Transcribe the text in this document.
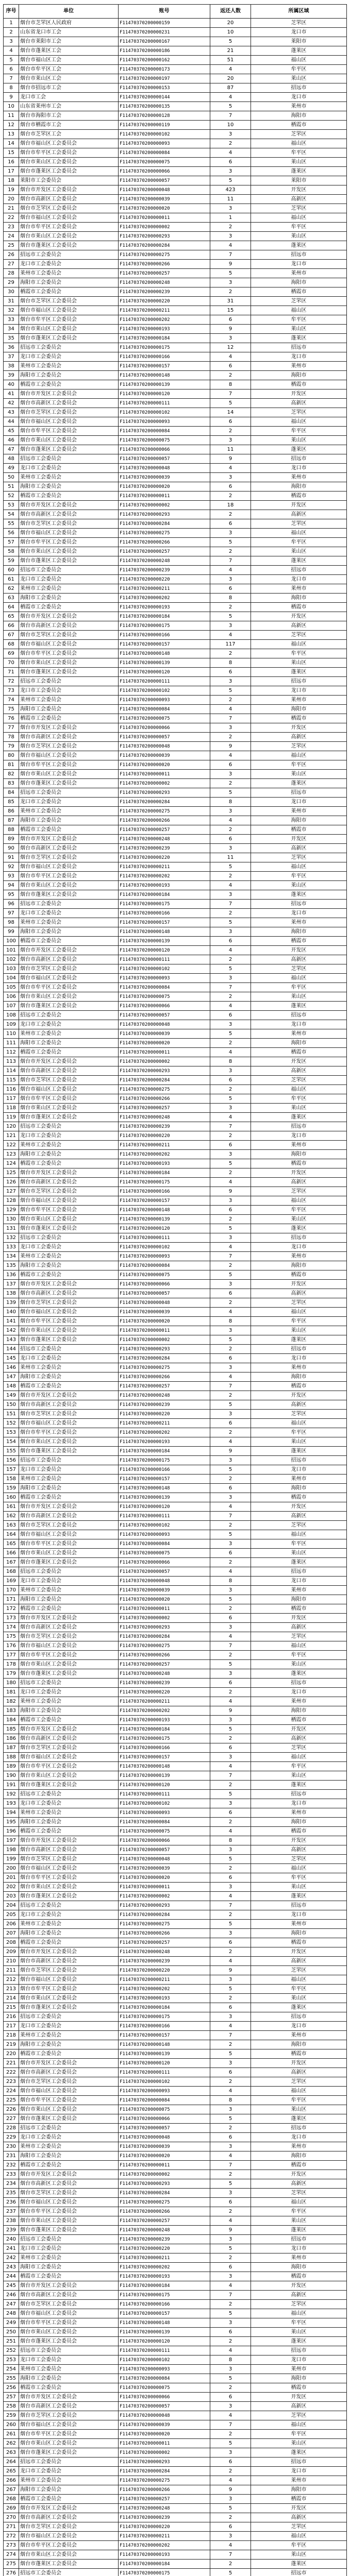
序号	单位	账号	返还人数	所属区域
1	烟台市芝罘区人民政府	F11470370200000159	20	芝罘区
2	山东省龙口市工会	F11470370200000231	10	龙口市
3	烟台市莱阳市工会	F11470370200000167	5	莱阳市
4	烟台市蓬莱区工会	F11470370200000186	21	蓬莱区
5	烟台市福山区工会	F11470370200000162	51	福山区
6	烟台市牟平区工会	F11470370200000173	4	牟平区
7	烟台市莱山区工会	F11470370200000197	20	莱山区
8	烟台市招远市工会	F11470370200000153	87	招远市
9	龙口市工会	F11470370200000144	4	龙口市
10	山东省莱州市工会	F11470370200000135	5	莱州市
11	烟台市海阳市工会	F11470370200000128	7	海阳市
12	烟台市栖霞市工会	F11470370200000119	10	栖霞市
13	烟台市芝罘区工会	F11470370200000102	3	芝罘区
14	烟台市福山区工会委员会	F11470370200000093	2	福山区
15	烟台市牟平区工会委员会	F11470370200000084	4	牟平区
16	烟台市莱山区工会委员会	F11470370200000075	6	莱山区
17	烟台市蓬莱区工会委员会	F11470370200000066	3	蓬莱区
18	莱阳市工会委员会	F11470370200000057	5	莱阳市
19	烟台市开发区工会委员会	F11470370200000048	423	开发区
20	烟台市高新区工会委员会	F11470370200000039	11	高新区
21	烟台市芝罘区工会委员会	F11470370200000020	3	芝罘区
22	烟台市福山区工会委员会	F11470370200000011	1	福山区
23	烟台市牟平区工会委员会	F11470370200000002	2	牟平区
24	烟台市莱山区工会委员会	F11470370200000293	3	莱山区
25	烟台市蓬莱区工会委员会	F11470370200000284	4	蓬莱区
26	招远市工会委员会	F11470370200000275	7	招远市
27	龙口市工会委员会	F11470370200000266	9	龙口市
28	莱州市工会委员会	F11470370200000257	5	莱州市
29	海阳市工会委员会	F11470370200000248	3	海阳市
30	栖霞市工会委员会	F11470370200000239	2	栖霞市
31	烟台市芝罘区工会委员会	F11470370200000220	31	芝罘区
32	烟台市福山区工会委员会	F11470370200000211	15	福山区
33	烟台市牟平区工会委员会	F11470370200000202	6	牟平区
34	烟台市莱山区工会委员会	F11470370200000193	9	莱山区
35	烟台市蓬莱区工会委员会	F11470370200000184	3	蓬莱区
36	招远市工会委员会	F11470370200000175	12	招远市
37	龙口市工会委员会	F11470370200000166	4	龙口市
38	莱州市工会委员会	F11470370200000157	6	莱州市
39	海阳市工会委员会	F11470370200000148	2	海阳市
40	栖霞市工会委员会	F11470370200000139	8	栖霞市
41	烟台市开发区工会委员会	F11470370200000120	7	开发区
42	烟台市高新区工会委员会	F11470370200000111	5	高新区
43	烟台市芝罘区工会委员会	F11470370200000102	14	芝罘区
44	烟台市福山区工会委员会	F11470370200000093	6	福山区
45	烟台市牟平区工会委员会	F11470370200000084	2	牟平区
46	烟台市莱山区工会委员会	F11470370200000075	3	莱山区
47	烟台市蓬莱区工会委员会	F11470370200000066	11	蓬莱区
48	招远市工会委员会	F11470370200000057	9	招远市
49	龙口市工会委员会	F11470370200000048	4	龙口市
50	莱州市工会委员会	F11470370200000039	3	莱州市
51	海阳市工会委员会	F11470370200000020	6	海阳市
52	栖霞市工会委员会	F11470370200000011	2	栖霞市
53	烟台市开发区工会委员会	F11470370200000002	18	开发区
54	烟台市高新区工会委员会	F11470370200000293	2	高新区
55	烟台市芝罘区工会委员会	F11470370200000284	6	芝罘区
56	烟台市福山区工会委员会	F11470370200000275	3	福山区
57	烟台市牟平区工会委员会	F11470370200000266	5	牟平区
58	烟台市莱山区工会委员会	F11470370200000257	2	莱山区
59	烟台市蓬莱区工会委员会	F11470370200000248	7	蓬莱区
60	招远市工会委员会	F11470370200000239	4	招远市
61	龙口市工会委员会	F11470370200000220	3	龙口市
62	莱州市工会委员会	F11470370200000211	6	莱州市
63	海阳市工会委员会	F11470370200000202	8	海阳市
64	栖霞市工会委员会	F11470370200000193	2	栖霞市
65	烟台市开发区工会委员会	F11470370200000184	5	开发区
66	烟台市高新区工会委员会	F11470370200000175	3	高新区
67	烟台市芝罘区工会委员会	F11470370200000166	4	芝罘区
68	烟台市福山区工会委员会	F11470370200000157	117	福山区
69	烟台市牟平区工会委员会	F11470370200000148	2	牟平区
70	烟台市莱山区工会委员会	F11470370200000139	8	莱山区
71	烟台市蓬莱区工会委员会	F11470370200000120	6	蓬莱区
72	招远市工会委员会	F11470370200000111	3	招远市
73	龙口市工会委员会	F11470370200000102	5	龙口市
74	莱州市工会委员会	F11470370200000093	2	莱州市
75	海阳市工会委员会	F11470370200000084	4	海阳市
76	栖霞市工会委员会	F11470370200000075	7	栖霞市
77	烟台市开发区工会委员会	F11470370200000066	3	开发区
78	烟台市高新区工会委员会	F11470370200000057	2	高新区
79	烟台市芝罘区工会委员会	F11470370200000048	9	芝罘区
80	烟台市福山区工会委员会	F11470370200000039	4	福山区
81	烟台市牟平区工会委员会	F11470370200000020	6	牟平区
82	烟台市莱山区工会委员会	F11470370200000011	3	莱山区
83	烟台市蓬莱区工会委员会	F11470370200000002	2	蓬莱区
84	招远市工会委员会	F11470370200000293	5	招远市
85	龙口市工会委员会	F11470370200000284	8	龙口市
86	莱州市工会委员会	F11470370200000275	3	莱州市
87	海阳市工会委员会	F11470370200000266	4	海阳市
88	栖霞市工会委员会	F11470370200000257	2	栖霞市
89	烟台市开发区工会委员会	F11470370200000248	6	开发区
90	烟台市高新区工会委员会	F11470370200000239	3	高新区
91	烟台市芝罘区工会委员会	F11470370200000220	11	芝罘区
92	烟台市福山区工会委员会	F11470370200000211	5	福山区
93	烟台市牟平区工会委员会	F11470370200000202	2	牟平区
94	烟台市莱山区工会委员会	F11470370200000193	4	莱山区
95	烟台市蓬莱区工会委员会	F11470370200000184	3	蓬莱区
96	招远市工会委员会	F11470370200000175	7	招远市
97	龙口市工会委员会	F11470370200000166	2	龙口市
98	莱州市工会委员会	F11470370200000157	5	莱州市
99	海阳市工会委员会	F11470370200000148	3	海阳市
100	栖霞市工会委员会	F11470370200000139	6	栖霞市
101	烟台市开发区工会委员会	F11470370200000120	4	开发区
102	烟台市高新区工会委员会	F11470370200000111	2	高新区
103	烟台市芝罘区工会委员会	F11470370200000102	5	芝罘区
104	烟台市福山区工会委员会	F11470370200000093	3	福山区
105	烟台市牟平区工会委员会	F11470370200000084	7	牟平区
106	烟台市莱山区工会委员会	F11470370200000075	2	莱山区
107	烟台市蓬莱区工会委员会	F11470370200000066	4	蓬莱区
108	招远市工会委员会	F11470370200000057	6	招远市
109	龙口市工会委员会	F11470370200000048	3	龙口市
110	莱州市工会委员会	F11470370200000039	5	莱州市
111	海阳市工会委员会	F11470370200000020	2	海阳市
112	栖霞市工会委员会	F11470370200000011	4	栖霞市
113	烟台市开发区工会委员会	F11470370200000002	8	开发区
114	烟台市高新区工会委员会	F11470370200000293	3	高新区
115	烟台市芝罘区工会委员会	F11470370200000284	6	芝罘区
116	烟台市福山区工会委员会	F11470370200000275	2	福山区
117	烟台市牟平区工会委员会	F11470370200000266	5	牟平区
118	烟台市莱山区工会委员会	F11470370200000257	3	莱山区
119	烟台市蓬莱区工会委员会	F11470370200000248	4	蓬莱区
120	招远市工会委员会	F11470370200000239	7	招远市
121	龙口市工会委员会	F11470370200000220	2	龙口市
122	莱州市工会委员会	F11470370200000211	6	莱州市
123	海阳市工会委员会	F11470370200000202	3	海阳市
124	栖霞市工会委员会	F11470370200000193	5	栖霞市
125	烟台市开发区工会委员会	F11470370200000184	2	开发区
126	烟台市高新区工会委员会	F11470370200000175	4	高新区
127	烟台市芝罘区工会委员会	F11470370200000166	9	芝罘区
128	烟台市福山区工会委员会	F11470370200000157	3	福山区
129	烟台市牟平区工会委员会	F11470370200000148	6	牟平区
130	烟台市莱山区工会委员会	F11470370200000139	2	莱山区
131	烟台市蓬莱区工会委员会	F11470370200000120	5	蓬莱区
132	招远市工会委员会	F11470370200000111	3	招远市
133	龙口市工会委员会	F11470370200000102	4	龙口市
134	莱州市工会委员会	F11470370200000093	7	莱州市
135	海阳市工会委员会	F11470370200000084	2	海阳市
136	栖霞市工会委员会	F11470370200000075	5	栖霞市
137	烟台市开发区工会委员会	F11470370200000066	3	开发区
138	烟台市高新区工会委员会	F11470370200000057	6	高新区
139	烟台市芝罘区工会委员会	F11470370200000048	2	芝罘区
140	烟台市福山区工会委员会	F11470370200000039	4	福山区
141	烟台市牟平区工会委员会	F11470370200000020	8	牟平区
142	烟台市莱山区工会委员会	F11470370200000011	3	莱山区
143	烟台市蓬莱区工会委员会	F11470370200000002	5	蓬莱区
144	招远市工会委员会	F11470370200000293	2	招远市
145	龙口市工会委员会	F11470370200000284	6	龙口市
146	莱州市工会委员会	F11470370200000275	3	莱州市
147	海阳市工会委员会	F11470370200000266	4	海阳市
148	栖霞市工会委员会	F11470370200000257	7	栖霞市
149	烟台市开发区工会委员会	F11470370200000248	2	开发区
150	烟台市高新区工会委员会	F11470370200000239	5	高新区
151	烟台市芝罘区工会委员会	F11470370200000220	3	芝罘区
152	烟台市福山区工会委员会	F11470370200000211	6	福山区
153	烟台市牟平区工会委员会	F11470370200000202	2	牟平区
154	烟台市莱山区工会委员会	F11470370200000193	4	莱山区
155	烟台市蓬莱区工会委员会	F11470370200000184	9	蓬莱区
156	招远市工会委员会	F11470370200000175	3	招远市
157	龙口市工会委员会	F11470370200000166	5	龙口市
158	莱州市工会委员会	F11470370200000157	2	莱州市
159	海阳市工会委员会	F11470370200000148	6	海阳市
160	栖霞市工会委员会	F11470370200000139	3	栖霞市
161	烟台市开发区工会委员会	F11470370200000120	4	开发区
162	烟台市高新区工会委员会	F11470370200000111	7	高新区
163	烟台市芝罘区工会委员会	F11470370200000102	2	芝罘区
164	烟台市福山区工会委员会	F11470370200000093	5	福山区
165	烟台市牟平区工会委员会	F11470370200000084	3	牟平区
166	烟台市莱山区工会委员会	F11470370200000075	6	莱山区
167	烟台市蓬莱区工会委员会	F11470370200000066	2	蓬莱区
168	招远市工会委员会	F11470370200000057	4	招远市
169	龙口市工会委员会	F11470370200000048	8	龙口市
170	莱州市工会委员会	F11470370200000039	3	莱州市
171	海阳市工会委员会	F11470370200000020	5	海阳市
172	栖霞市工会委员会	F11470370200000011	2	栖霞市
173	烟台市开发区工会委员会	F11470370200000002	6	开发区
174	烟台市高新区工会委员会	F11470370200000293	3	高新区
175	烟台市芝罘区工会委员会	F11470370200000284	4	芝罘区
176	烟台市福山区工会委员会	F11470370200000275	7	福山区
177	烟台市牟平区工会委员会	F11470370200000266	2	牟平区
178	烟台市莱山区工会委员会	F11470370200000257	5	莱山区
179	烟台市蓬莱区工会委员会	F11470370200000248	3	蓬莱区
180	招远市工会委员会	F11470370200000239	6	招远市
181	龙口市工会委员会	F11470370200000220	2	龙口市
182	莱州市工会委员会	F11470370200000211	4	莱州市
183	海阳市工会委员会	F11470370200000202	9	海阳市
184	栖霞市工会委员会	F11470370200000193	3	栖霞市
185	烟台市开发区工会委员会	F11470370200000184	5	开发区
186	烟台市高新区工会委员会	F11470370200000175	2	高新区
187	烟台市芝罘区工会委员会	F11470370200000166	6	芝罘区
188	烟台市福山区工会委员会	F11470370200000157	3	福山区
189	烟台市牟平区工会委员会	F11470370200000148	4	牟平区
190	烟台市莱山区工会委员会	F11470370200000139	7	莱山区
191	烟台市蓬莱区工会委员会	F11470370200000120	2	蓬莱区
192	招远市工会委员会	F11470370200000111	5	招远市
193	龙口市工会委员会	F11470370200000102	3	龙口市
194	莱州市工会委员会	F11470370200000093	6	莱州市
195	海阳市工会委员会	F11470370200000084	2	海阳市
196	栖霞市工会委员会	F11470370200000075	4	栖霞市
197	烟台市开发区工会委员会	F11470370200000066	8	开发区
198	烟台市高新区工会委员会	F11470370200000057	3	高新区
199	烟台市芝罘区工会委员会	F11470370200000048	5	芝罘区
200	烟台市福山区工会委员会	F11470370200000039	2	福山区
201	烟台市牟平区工会委员会	F11470370200000020	6	牟平区
202	烟台市莱山区工会委员会	F11470370200000011	3	莱山区
203	烟台市蓬莱区工会委员会	F11470370200000002	4	蓬莱区
204	招远市工会委员会	F11470370200000293	7	招远市
205	龙口市工会委员会	F11470370200000284	2	龙口市
206	莱州市工会委员会	F11470370200000275	5	莱州市
207	海阳市工会委员会	F11470370200000266	3	海阳市
208	栖霞市工会委员会	F11470370200000257	6	栖霞市
209	烟台市开发区工会委员会	F11470370200000248	2	开发区
210	烟台市高新区工会委员会	F11470370200000239	4	高新区
211	烟台市芝罘区工会委员会	F11470370200000220	9	芝罘区
212	烟台市福山区工会委员会	F11470370200000211	3	福山区
213	烟台市牟平区工会委员会	F11470370200000202	5	牟平区
214	烟台市莱山区工会委员会	F11470370200000193	2	莱山区
215	烟台市蓬莱区工会委员会	F11470370200000184	6	蓬莱区
216	招远市工会委员会	F11470370200000175	3	招远市
217	龙口市工会委员会	F11470370200000166	4	龙口市
218	莱州市工会委员会	F11470370200000157	7	莱州市
219	海阳市工会委员会	F11470370200000148	2	海阳市
220	栖霞市工会委员会	F11470370200000139	5	栖霞市
221	烟台市开发区工会委员会	F11470370200000120	3	开发区
222	烟台市高新区工会委员会	F11470370200000111	6	高新区
223	烟台市芝罘区工会委员会	F11470370200000102	2	芝罘区
224	烟台市福山区工会委员会	F11470370200000093	4	福山区
225	烟台市牟平区工会委员会	F11470370200000084	8	牟平区
226	烟台市莱山区工会委员会	F11470370200000075	3	莱山区
227	烟台市蓬莱区工会委员会	F11470370200000066	5	蓬莱区
228	招远市工会委员会	F11470370200000057	2	招远市
229	龙口市工会委员会	F11470370200000048	6	龙口市
230	莱州市工会委员会	F11470370200000039	3	莱州市
231	海阳市工会委员会	F11470370200000020	4	海阳市
232	栖霞市工会委员会	F11470370200000011	7	栖霞市
233	烟台市开发区工会委员会	F11470370200000002	2	开发区
234	烟台市高新区工会委员会	F11470370200000293	5	高新区
235	烟台市芝罘区工会委员会	F11470370200000284	3	芝罘区
236	烟台市福山区工会委员会	F11470370200000275	6	福山区
237	烟台市牟平区工会委员会	F11470370200000266	2	牟平区
238	烟台市莱山区工会委员会	F11470370200000257	4	莱山区
239	烟台市蓬莱区工会委员会	F11470370200000248	9	蓬莱区
240	招远市工会委员会	F11470370200000239	3	招远市
241	龙口市工会委员会	F11470370200000220	5	龙口市
242	莱州市工会委员会	F11470370200000211	2	莱州市
243	海阳市工会委员会	F11470370200000202	6	海阳市
244	栖霞市工会委员会	F11470370200000193	3	栖霞市
245	烟台市开发区工会委员会	F11470370200000184	4	开发区
246	烟台市高新区工会委员会	F11470370200000175	7	高新区
247	烟台市芝罘区工会委员会	F11470370200000166	2	芝罘区
248	烟台市福山区工会委员会	F11470370200000157	5	福山区
249	烟台市牟平区工会委员会	F11470370200000148	3	牟平区
250	烟台市莱山区工会委员会	F11470370200000139	6	莱山区
251	烟台市蓬莱区工会委员会	F11470370200000120	2	蓬莱区
252	招远市工会委员会	F11470370200000111	4	招远市
253	龙口市工会委员会	F11470370200000102	8	龙口市
254	莱州市工会委员会	F11470370200000093	3	莱州市
255	海阳市工会委员会	F11470370200000084	5	海阳市
256	栖霞市工会委员会	F11470370200000075	2	栖霞市
257	烟台市开发区工会委员会	F11470370200000066	6	开发区
258	烟台市高新区工会委员会	F11470370200000057	3	高新区
259	烟台市芝罘区工会委员会	F11470370200000048	4	芝罘区
260	烟台市福山区工会委员会	F11470370200000039	7	福山区
261	烟台市牟平区工会委员会	F11470370200000020	2	牟平区
262	烟台市莱山区工会委员会	F11470370200000011	5	莱山区
263	烟台市蓬莱区工会委员会	F11470370200000002	3	蓬莱区
264	招远市工会委员会	F11470370200000293	6	招远市
265	龙口市工会委员会	F11470370200000284	2	龙口市
266	莱州市工会委员会	F11470370200000275	4	莱州市
267	海阳市工会委员会	F11470370200000266	9	海阳市
268	栖霞市工会委员会	F11470370200000257	3	栖霞市
269	烟台市开发区工会委员会	F11470370200000248	5	开发区
270	烟台市高新区工会委员会	F11470370200000239	2	高新区
271	烟台市芝罘区工会委员会	F11470370200000220	6	芝罘区
272	烟台市福山区工会委员会	F11470370200000211	3	福山区
273	烟台市牟平区工会委员会	F11470370200000202	4	牟平区
274	烟台市莱山区工会委员会	F11470370200000193	7	莱山区
275	烟台市蓬莱区工会委员会	F11470370200000184	2	蓬莱区
276	招远市工会委员会	F11470370200000175	5	招远市
